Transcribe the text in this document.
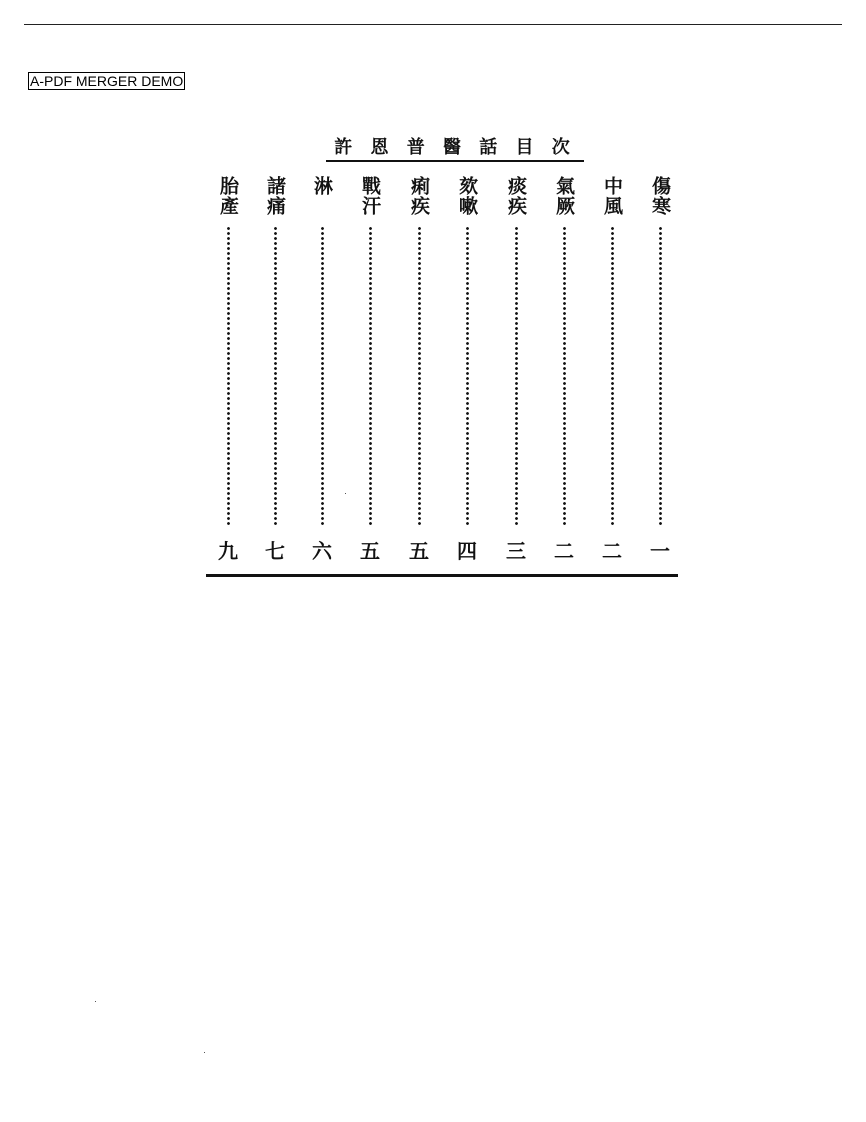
A-PDF MERGER DEMO
許 恩 普 醫 話 目 次
傷寒
一
中風
二
氣厥
二
痰疾
三
欬嗽
四
痢疾
五
戰汗
五
淋
六
諸痛
七
胎產
九
